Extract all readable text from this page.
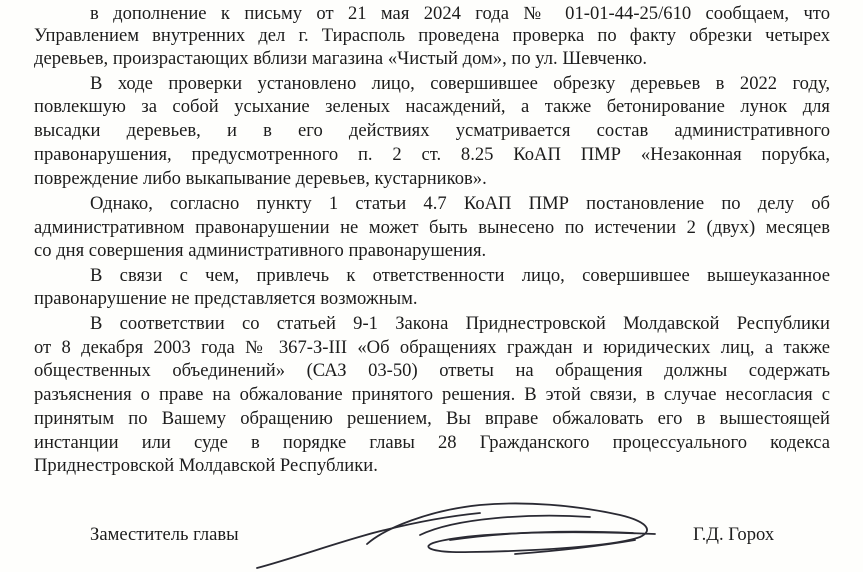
в дополнение к письму от 21 мая 2024 года № 01-01-44-25/610 сообщаем, что
Управлением внутренних дел г. Тирасполь проведена проверка по факту обрезки четырех
деревьев, произрастающих вблизи магазина «Чистый дом», по ул. Шевченко.
В ходе проверки установлено лицо, совершившее обрезку деревьев в 2022 году,
повлекшую за собой усыхание зеленых насаждений, а также бетонирование лунок для
высадки деревьев, и в его действиях усматривается состав административного
правонарушения, предусмотренного п. 2 ст. 8.25 КоАП ПМР «Незаконная порубка,
повреждение либо выкапывание деревьев, кустарников».
Однако, согласно пункту 1 статьи 4.7 КоАП ПМР постановление по делу об
административном правонарушении не может быть вынесено по истечении 2 (двух) месяцев
со дня совершения административного правонарушения.
В связи с чем, привлечь к ответственности лицо, совершившее вышеуказанное
правонарушение не представляется возможным.
В соответствии со статьей 9-1 Закона Приднестровской Молдавской Республики
от 8 декабря 2003 года № 367-З-III «Об обращениях граждан и юридических лиц, а также
общественных объединений» (САЗ 03-50) ответы на обращения должны содержать
разъяснения о праве на обжалование принятого решения. В этой связи, в случае несогласия с
принятым по Вашему обращению решением, Вы вправе обжаловать его в вышестоящей
инстанции или суде в порядке главы 28 Гражданского процессуального кодекса
Приднестровской Молдавской Республики.
Заместитель главы	Г.Д. Горох
